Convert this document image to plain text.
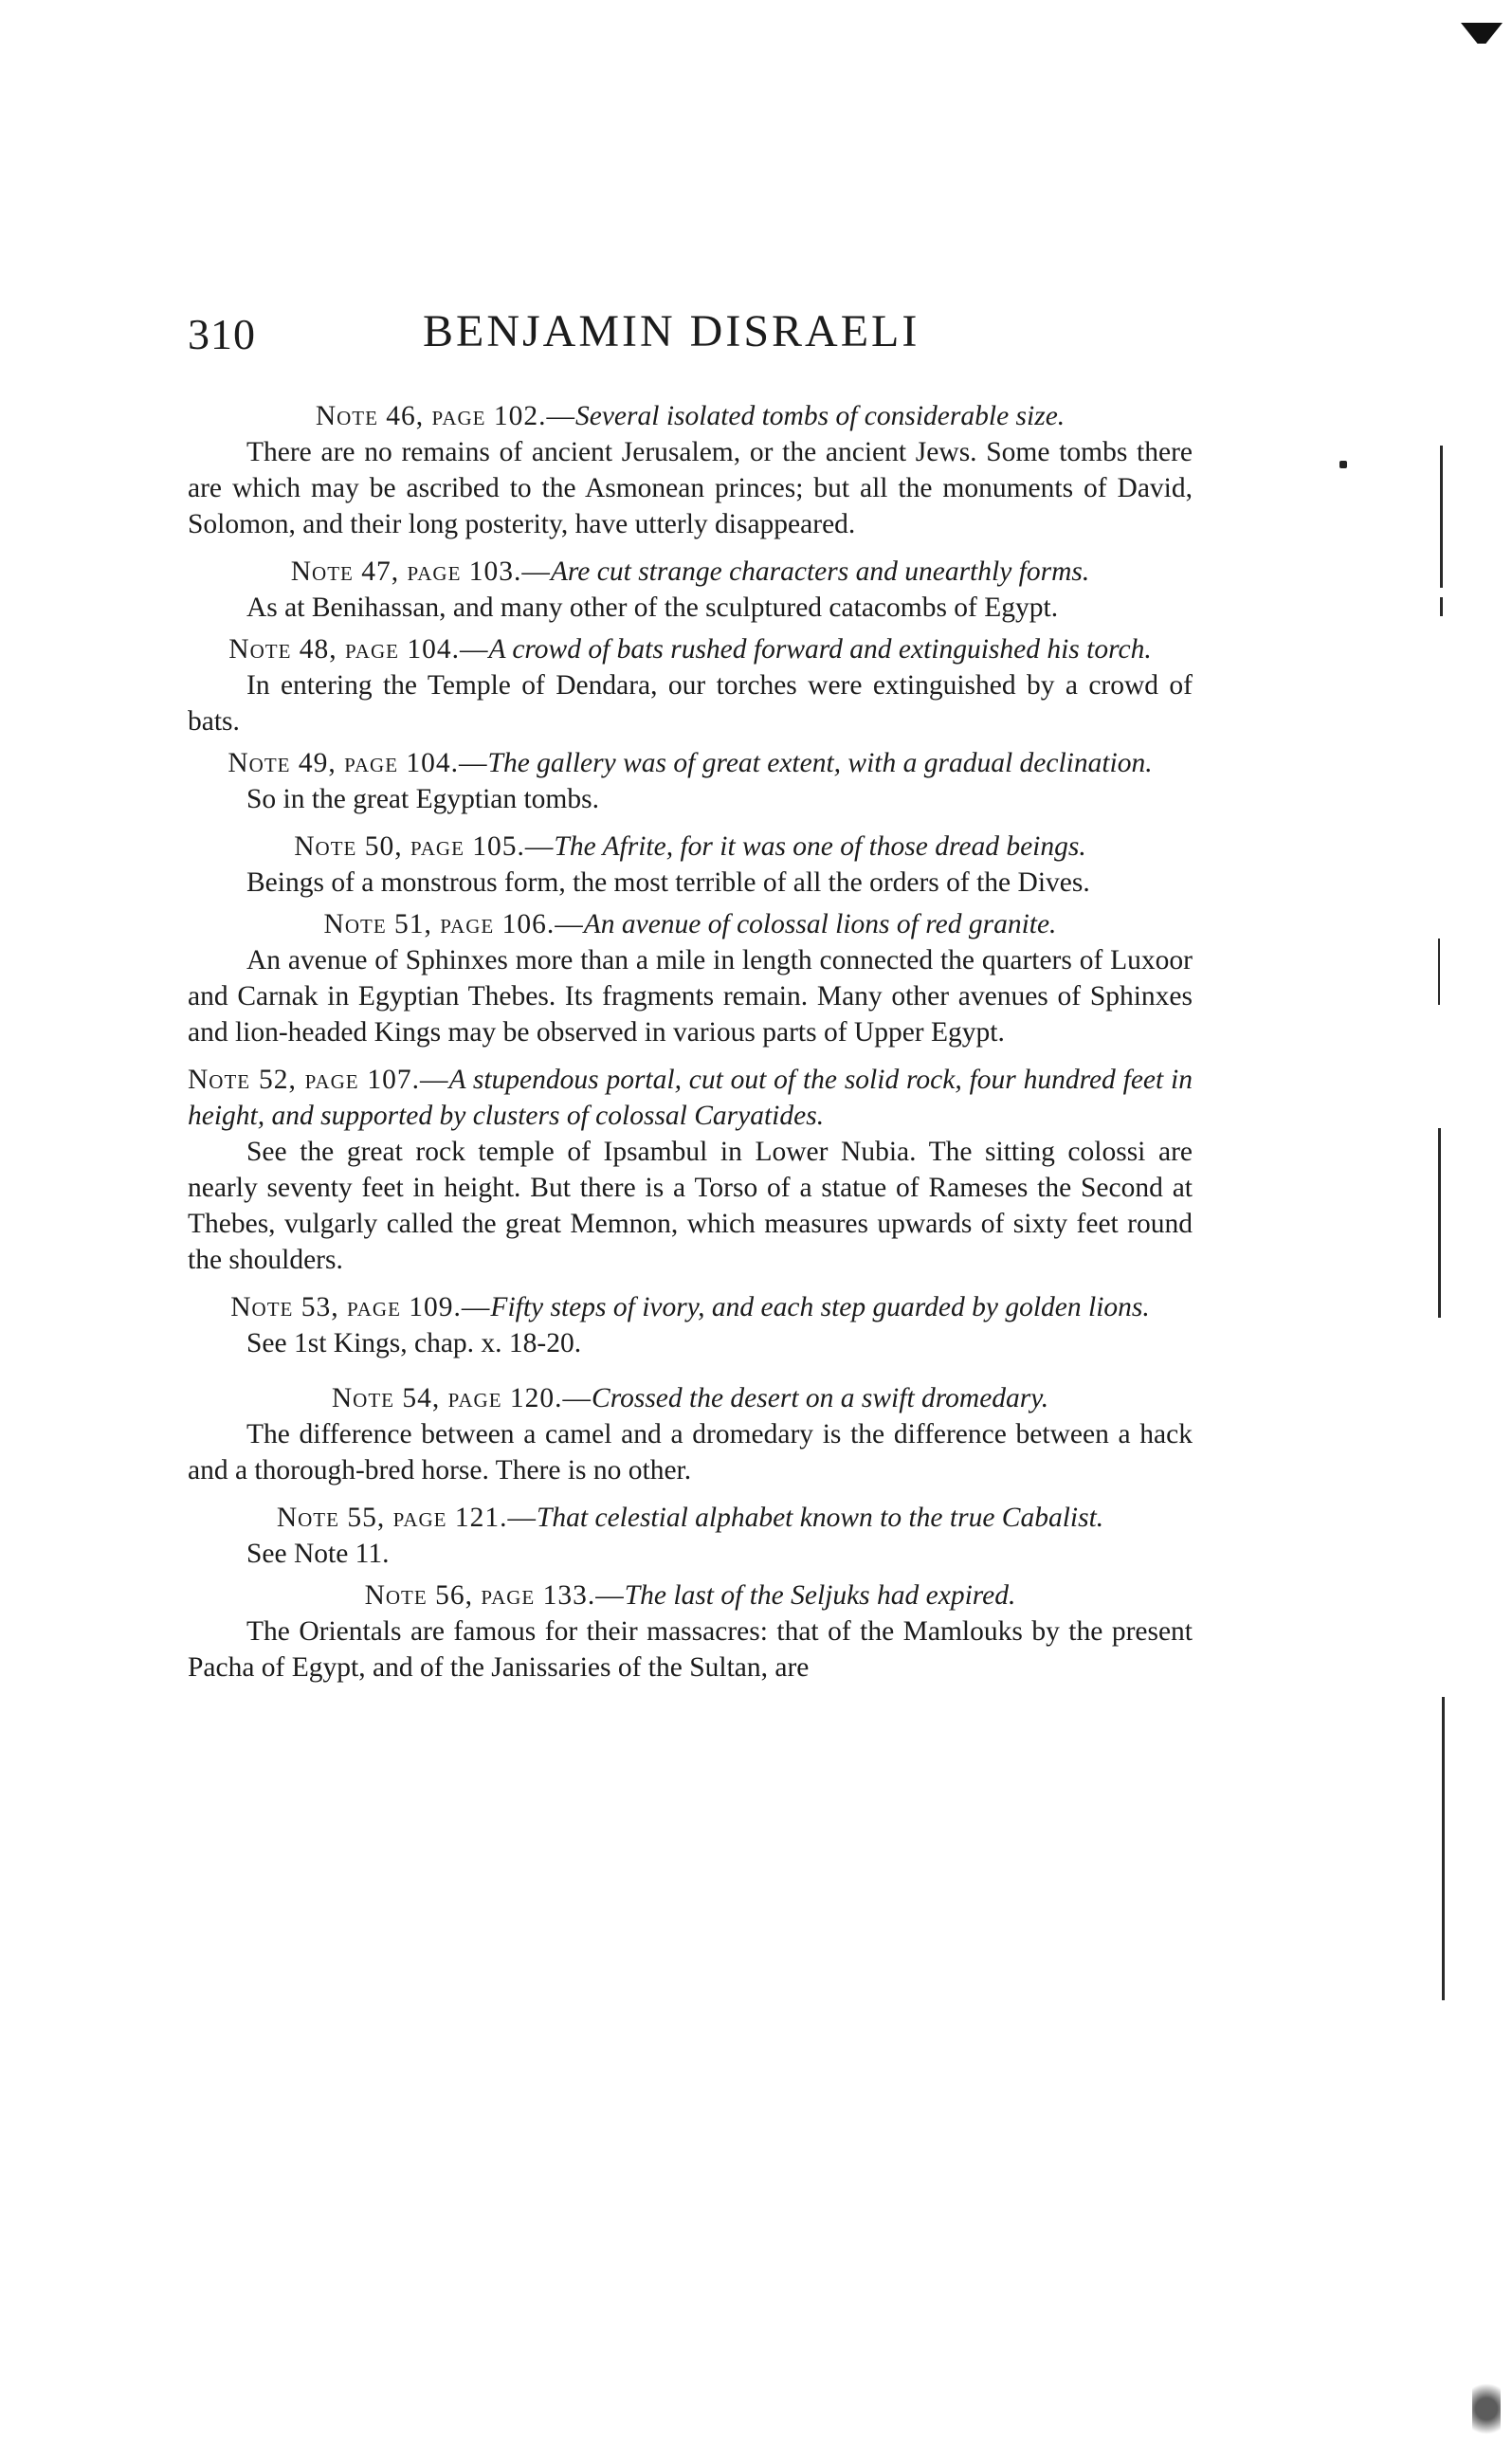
310	BENJAMIN DISRAELI

Note 46, page 102.—Several isolated tombs of considerable size.

There are no remains of ancient Jerusalem, or the ancient Jews. Some tombs there are which may be ascribed to the Asmonean princes; but all the monuments of David, Solomon, and their long posterity, have utterly disappeared.

Note 47, page 103.—Are cut strange characters and unearthly forms.

As at Benihassan, and many other of the sculptured catacombs of Egypt.

Note 48, page 104.—A crowd of bats rushed forward and extinguished his torch.

In entering the Temple of Dendara, our torches were extinguished by a crowd of bats.

Note 49, page 104.—The gallery was of great extent, with a gradual declination.

So in the great Egyptian tombs.

Note 50, page 105.—The Afrite, for it was one of those dread beings.

Beings of a monstrous form, the most terrible of all the orders of the Dives.

Note 51, page 106.—An avenue of colossal lions of red granite.

An avenue of Sphinxes more than a mile in length connected the quarters of Luxoor and Carnak in Egyptian Thebes. Its fragments remain. Many other avenues of Sphinxes and lion-headed Kings may be observed in various parts of Upper Egypt.

Note 52, page 107.—A stupendous portal, cut out of the solid rock, four hundred feet in height, and supported by clusters of colossal Caryatides.

See the great rock temple of Ipsambul in Lower Nubia. The sitting colossi are nearly seventy feet in height. But there is a Torso of a statue of Rameses the Second at Thebes, vulgarly called the great Memnon, which measures upwards of sixty feet round the shoulders.

Note 53, page 109.—Fifty steps of ivory, and each step guarded by golden lions.

See 1st Kings, chap. x. 18-20.

Note 54, page 120.—Crossed the desert on a swift dromedary.

The difference between a camel and a dromedary is the difference between a hack and a thorough-bred horse. There is no other.

Note 55, page 121.—That celestial alphabet known to the true Cabalist.

See Note 11.

Note 56, page 133.—The last of the Seljuks had expired.

The Orientals are famous for their massacres: that of the Mamlouks by the present Pacha of Egypt, and of the Janissaries of the Sultan, are
